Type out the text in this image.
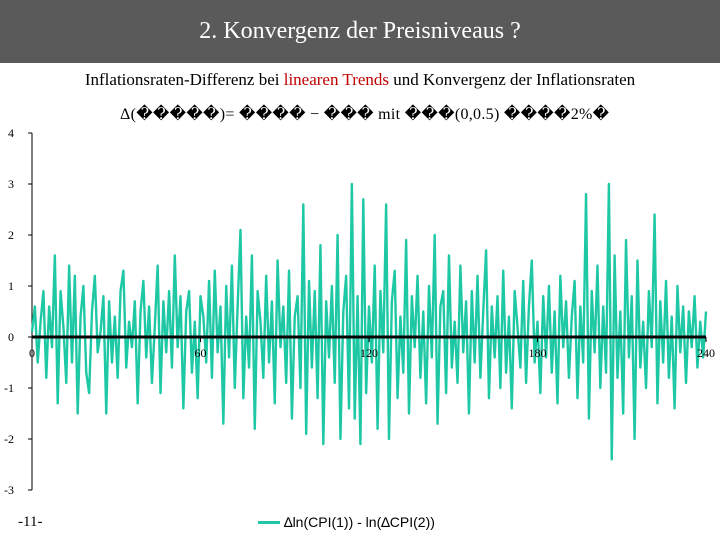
2. Konvergenz der Preisniveaus ?
Inflationsraten-Differenz bei linearen Trends und Konvergenz der Inflationsraten
Δ(�����)= ���� − ��� mit ���(0,0.5) ����2%�
-3
-2
-1
0
1
2
3
4
0	60	120	180	240
∆ln(CPI(1)) - ln(∆CPI(2))
-11-
